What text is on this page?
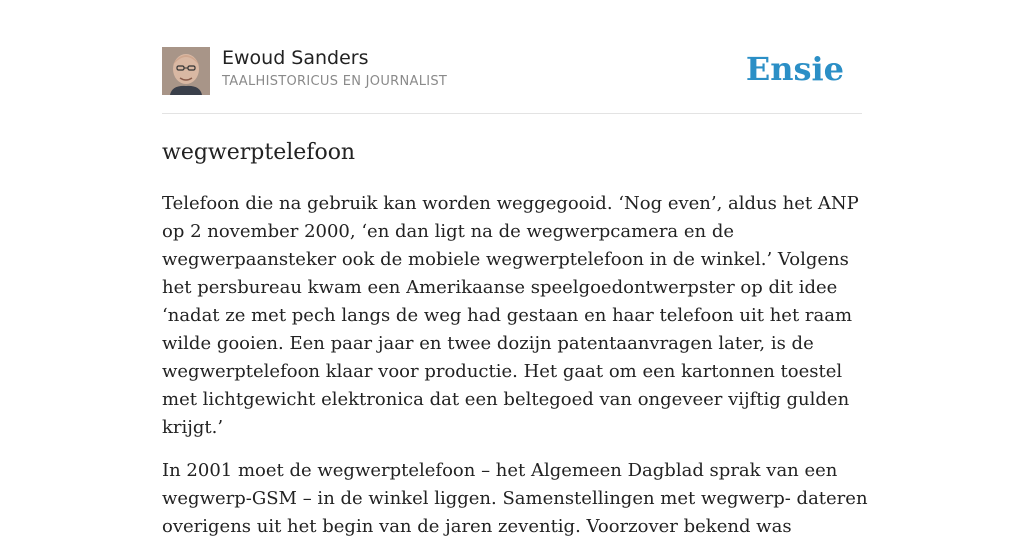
Ewoud Sanders
TAALHISTORICUS EN JOURNALIST	Ensie
wegwerptelefoon

Telefoon die na gebruik kan worden weggegooid. ‘Nog even’, aldus het ANP op 2 november 2000, ‘en dan ligt na de wegwerpcamera en de wegwerpaansteker ook de mobiele wegwerptelefoon in de winkel.’ Volgens het persbureau kwam een Amerikaanse speelgoedontwerpster op dit idee ‘nadat ze met pech langs de weg had gestaan en haar telefoon uit het raam wilde gooien. Een paar jaar en twee dozijn patentaanvragen later, is de wegwerptelefoon klaar voor productie. Het gaat om een kartonnen toestel met lichtgewicht elektronica dat een beltegoed van ongeveer vijftig gulden krijgt.’

In 2001 moet de wegwerptelefoon – het Algemeen Dagblad sprak van een wegwerp-GSM – in de winkel liggen. Samenstellingen met wegwerp- dateren overigens uit het begin van de jaren zeventig. Voorzover bekend was
